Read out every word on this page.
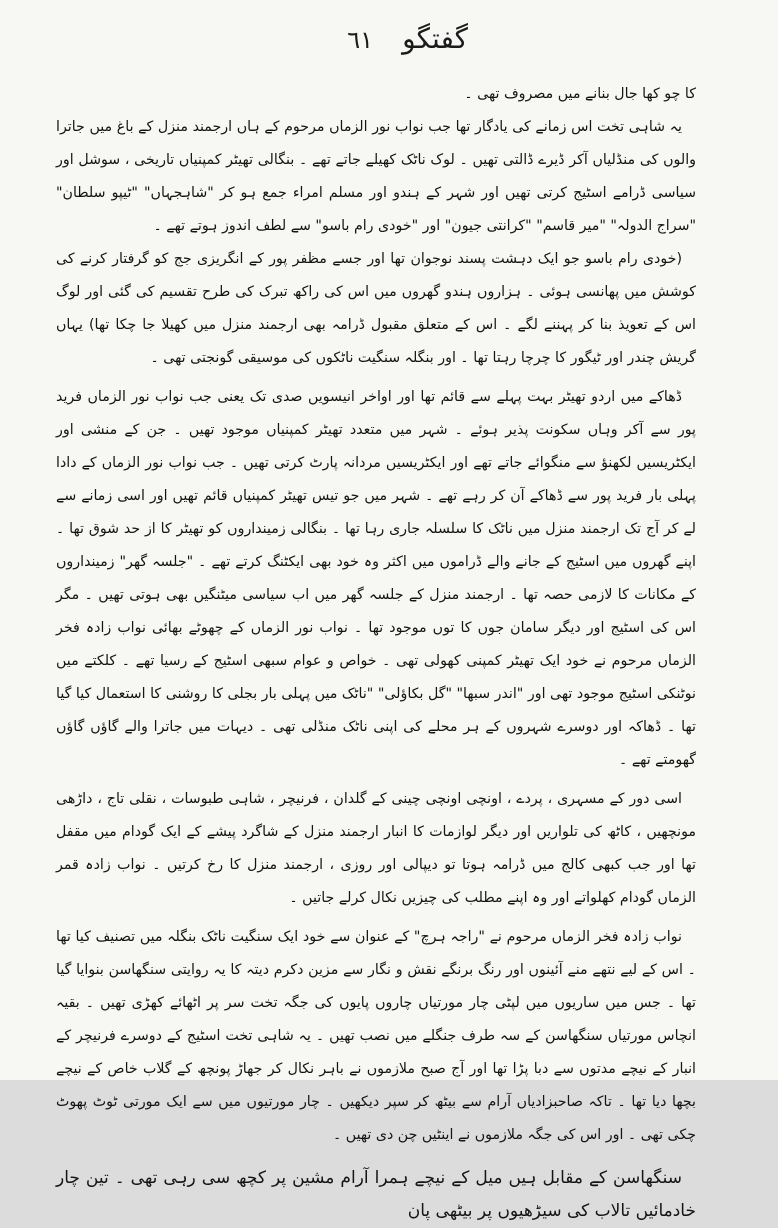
گفتگو
٦١

کا چو کھا جال بنانے میں مصروف تھی ۔

یہ شاہی تخت اس زمانے کی یادگار تھا جب نواب نور الزماں مرحوم کے ہاں ارجمند منزل کے باغ میں جاترا والوں کی منڈلیاں آکر ڈیرے ڈالتی تھیں ۔ لوک ناٹک کھیلے جاتے تھے ۔ بنگالی تھیٹر کمپنیاں تاریخی ، سوشل اور سیاسی ڈرامے اسٹیج کرتی تھیں اور شہر کے ہندو اور مسلم امراء جمع ہو کر "شاہجہاں" "ٹیپو سلطان" "سراج الدولہ" "میر قاسم" "کرانتی جیون" اور "خودی رام باسو" سے لطف اندوز ہوتے تھے ۔

(خودی رام باسو جو ایک دہشت پسند نوجوان تھا اور جسے مظفر پور کے انگریزی جج کو گرفتار کرنے کی کوشش میں پھانسی ہوئی ۔ ہزاروں ہندو گھروں میں اس کی راکھ تبرک کی طرح تقسیم کی گئی اور لوگ اس کے تعویذ بنا کر پہننے لگے ۔ اس کے متعلق مقبول ڈرامہ بھی ارجمند منزل میں کھیلا جا چکا تھا) یہاں گریش چندر اور ٹیگور کا چرچا رہتا تھا ۔ اور بنگلہ سنگیت ناٹکوں کی موسیقی گونجتی تھی ۔

ڈھاکے میں اردو تھیٹر بہت پہلے سے قائم تھا اور اواخر انیسویں صدی تک یعنی جب نواب نور الزماں فرید پور سے آکر وہاں سکونت پذیر ہوئے ۔ شہر میں متعدد تھیٹر کمپنیاں موجود تھیں ۔ جن کے منشی اور ایکٹریسیں لکھنؤ سے منگوائے جاتے تھے اور ایکٹریسیں مردانہ پارٹ کرتی تھیں ۔ جب نواب نور الزماں کے دادا پہلی بار فرید پور سے ڈھاکے آن کر رہے تھے ۔ شہر میں جو تیس تھیٹر کمپنیاں قائم تھیں اور اسی زمانے سے لے کر آج تک ارجمند منزل میں ناٹک کا سلسلہ جاری رہا تھا ۔ بنگالی زمینداروں کو تھیٹر کا از حد شوق تھا ۔ اپنے گھروں میں اسٹیج کے جانے والے ڈراموں میں اکثر وہ خود بھی ایکٹنگ کرتے تھے ۔ "جلسہ گھر" زمینداروں کے مکانات کا لازمی حصہ تھا ۔ ارجمند منزل کے جلسہ گھر میں اب سیاسی میٹنگیں بھی ہوتی تھیں ۔ مگر اس کی اسٹیج اور دیگر سامان جوں کا توں موجود تھا ۔ نواب نور الزماں کے چھوٹے بھائی نواب زادہ فخر الزماں مرحوم نے خود ایک تھیٹر کمپنی کھولی تھی ۔ خواص و عوام سبھی اسٹیج کے رسیا تھے ۔ کلکتے میں نوٹنکی اسٹیج موجود تھی اور "اندر سبھا" "گل بکاؤلی" "ناٹک میں پہلی بار بجلی کا روشنی کا استعمال کیا گیا تھا ۔ ڈھاکہ اور دوسرے شہروں کے ہر محلے کی اپنی ناٹک منڈلی تھی ۔ دیہات میں جاترا والے گاؤں گاؤں گھومتے تھے ۔

اسی دور کے مسہری ، پردے ، اونچی اونچی چینی کے گلدان ، فرنیچر ، شاہی طبوسات ، نقلی تاج ، داڑھی مونچھیں ، کاٹھ کی تلواریں اور دیگر لوازمات کا انبار ارجمند منزل کے شاگرد پیشے کے ایک گودام میں مقفل تھا اور جب کبھی کالج میں ڈرامہ ہوتا تو دیپالی اور روزی ، ارجمند منزل کا رخ کرتیں ۔ نواب زادہ قمر الزماں گودام کھلواتے اور وہ اپنے مطلب کی چیزیں نکال کرلے جاتیں ۔

نواب زادہ فخر الزماں مرحوم نے "راجہ ہرچ" کے عنوان سے خود ایک سنگیت ناٹک بنگلہ میں تصنیف کیا تھا ۔ اس کے لیے نتھے منے آئینوں اور رنگ برنگے نقش و نگار سے مزین دکرم دیتہ کا یہ روایتی سنگھاسن بنوایا گیا تھا ۔ جس میں ساریوں میں لپٹی چار مورتیاں چاروں پایوں کی جگہ تخت سر پر اٹھائے کھڑی تھیں ۔ بقیہ انچاس مورتیاں سنگھاسن کے سہ طرف جنگلے میں نصب تھیں ۔ یہ شاہی تخت اسٹیج کے دوسرے فرنیچر کے انبار کے نیچے مدتوں سے دبا پڑا تھا اور آج صبح ملازموں نے باہر نکال کر جھاڑ پونچھ کے گلاب خاص کے نیچے بچھا دیا تھا ۔ تاکہ صاحبزادیاں آرام سے بیٹھ کر سپر دیکھیں ۔ چار مورتیوں میں سے ایک مورتی ٹوٹ پھوٹ چکی تھی ۔ اور اس کی جگہ ملازموں نے اینٹیں چن دی تھیں ۔

سنگھاسن کے مقابل ہیں میل کے نیچے ہمرا آرام مشین پر کچھ سی رہی تھی ۔ تین چار خادمائیں تالاب کی سیڑھیوں پر بیٹھی پان
